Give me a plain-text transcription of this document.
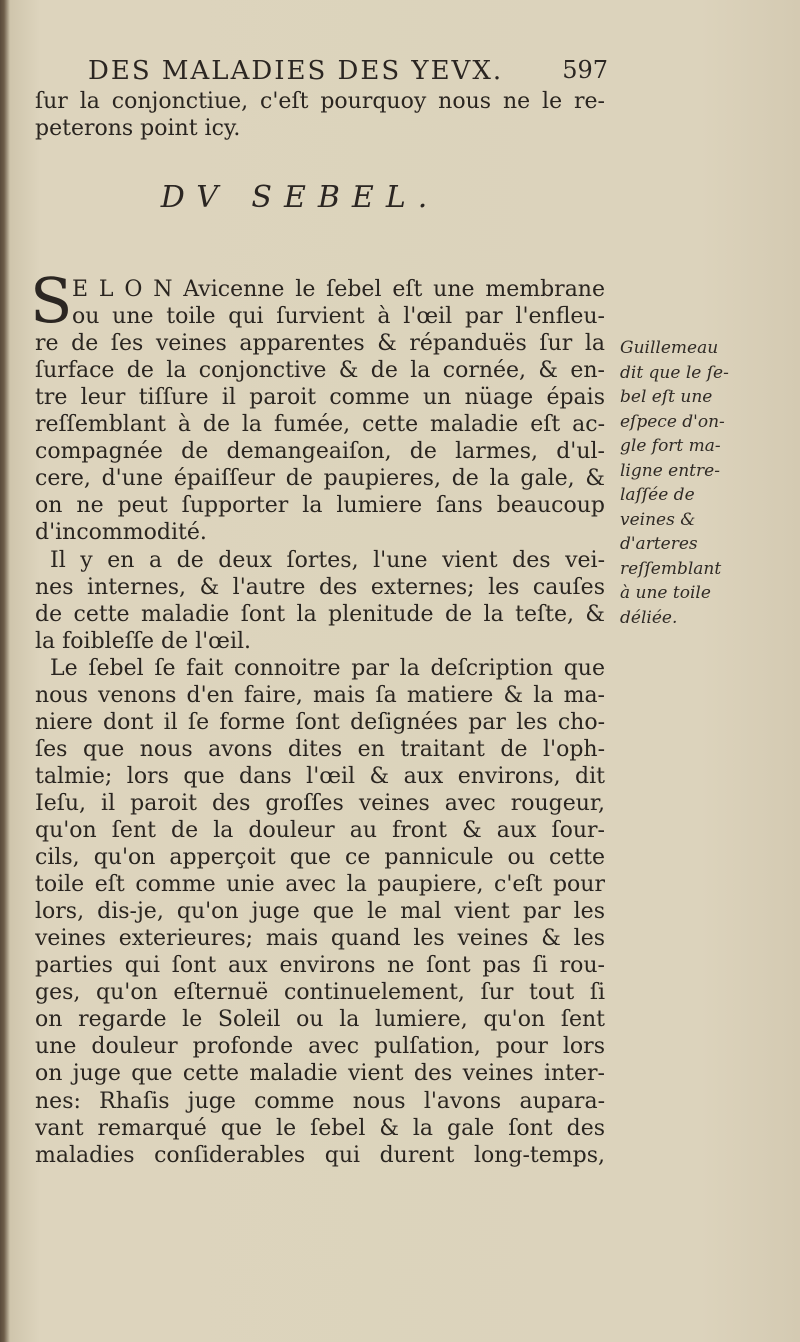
DES MALADIES DES YEVX. 597
ſur la conjonctiue, c'eſt pourquoy nous ne le re-
peterons point icy.
DV SEBEL.
S E L O N Avicenne le ſebel eſt une membrane
ou une toile qui ſurvient à l'œil par l'enfleu-
re de ſes veines apparentes & répanduës ſur la
ſurface de la conjonctive & de la cornée, & en-
tre leur tiſſure il paroit comme un nüage épais
reſſemblant à de la fumée, cette maladie eſt ac-
compagnée de demangeaiſon, de larmes, d'ul-
cere, d'une épaiſſeur de paupieres, de la gale, &
on ne peut ſupporter la lumiere ſans beaucoup
d'incommodité.
Il y en a de deux ſortes, l'une vient des vei-
nes internes, & l'autre des externes; les cauſes
de cette maladie ſont la plenitude de la teſte, &
la foibleſſe de l'œil.
Le ſebel ſe fait connoitre par la deſcription que
nous venons d'en faire, mais ſa matiere & la ma-
niere dont il ſe forme ſont deſignées par les cho-
ſes que nous avons dites en traitant de l'oph-
talmie; lors que dans l'œil & aux environs, dit
Ieſu, il paroit des groſſes veines avec rougeur,
qu'on ſent de la douleur au front & aux ſour-
cils, qu'on apperçoit que ce pannicule ou cette
toile eſt comme unie avec la paupiere, c'eſt pour
lors, dis-je, qu'on juge que le mal vient par les
veines exterieures; mais quand les veines & les
parties qui ſont aux environs ne ſont pas ſi rou-
ges, qu'on eſternuë continuelement, ſur tout ſi
on regarde le Soleil ou la lumiere, qu'on ſent
une douleur profonde avec pulſation, pour lors
on juge que cette maladie vient des veines inter-
nes: Rhaſis juge comme nous l'avons aupara-
vant remarqué que le ſebel & la gale ſont des
maladies conſiderables qui durent long-temps,
Guillemeau
dit que le ſe-
bel eſt une
eſpece d'on-
gle fort ma-
ligne entre-
laſſée de
veines &
d'arteres
reſſemblant
à une toile
déliée.
